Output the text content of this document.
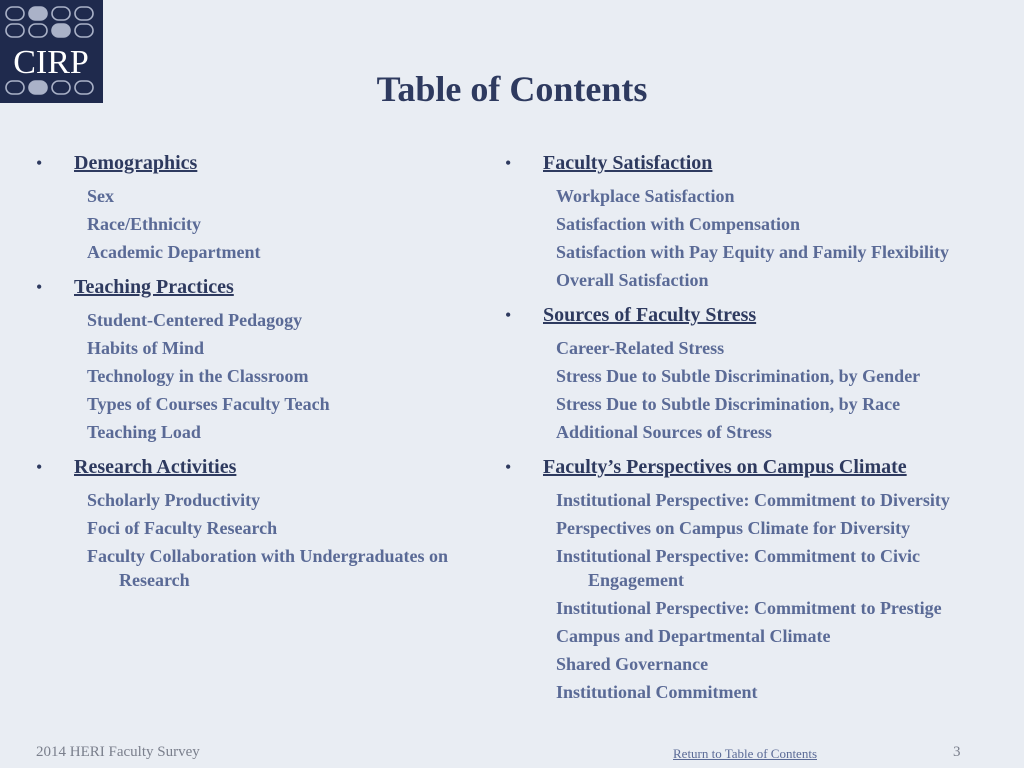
CIRP
Table of Contents
•	Demographics
Sex
Race/Ethnicity
Academic Department
•	Teaching Practices
Student-Centered Pedagogy
Habits of Mind
Technology in the Classroom
Types of Courses Faculty Teach
Teaching Load
•	Research Activities
Scholarly Productivity
Foci of Faculty Research
Faculty Collaboration with Undergraduates on Research
•	Faculty Satisfaction
Workplace Satisfaction
Satisfaction with Compensation
Satisfaction with Pay Equity and Family Flexibility
Overall Satisfaction
•	Sources of Faculty Stress
Career-Related Stress
Stress Due to Subtle Discrimination, by Gender
Stress Due to Subtle Discrimination, by Race
Additional Sources of Stress
•	Faculty’s Perspectives on Campus Climate
Institutional Perspective: Commitment to Diversity
Perspectives on Campus Climate for Diversity
Institutional Perspective: Commitment to Civic Engagement
Institutional Perspective: Commitment to Prestige
Campus and Departmental Climate
Shared Governance
Institutional Commitment
2014 HERI Faculty Survey	Return to Table of Contents	3
